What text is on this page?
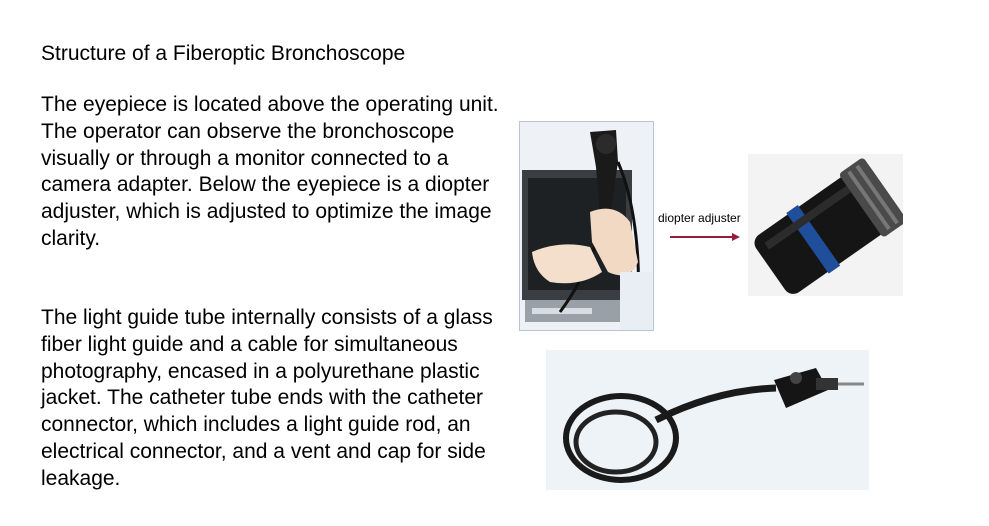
Structure of a Fiberoptic Bronchoscope

The eyepiece is located above the operating unit. The operator can observe the bronchoscope visually or through a monitor connected to a camera adapter. Below the eyepiece is a diopter adjuster, which is adjusted to optimize the image clarity.

The light guide tube internally consists of a glass fiber light guide and a cable for simultaneous photography, encased in a polyurethane plastic jacket. The catheter tube ends with the catheter connector, which includes a light guide rod, an electrical connector, and a vent and cap for side leakage.

diopter adjuster
